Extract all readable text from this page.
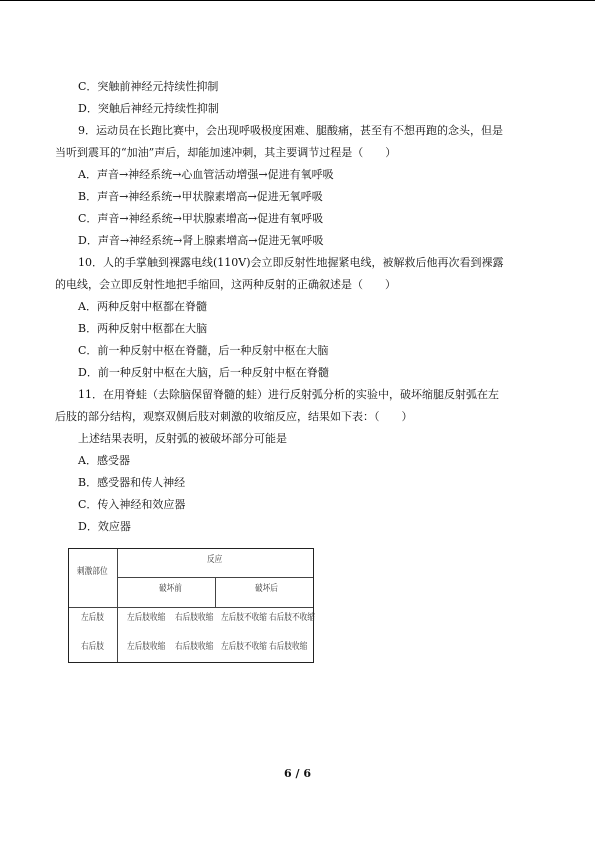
C．突触前神经元持续性抑制
D．突触后神经元持续性抑制
9．运动员在长跑比赛中，会出现呼吸极度困难、腿酸痛，甚至有不想再跑的念头，但是
当听到震耳的“加油”声后，却能加速冲刺，其主要调节过程是（　　）
A．声音→神经系统→心血管活动增强→促进有氧呼吸
B．声音→神经系统→甲状腺素增高→促进无氧呼吸
C．声音→神经系统→甲状腺素增高→促进有氧呼吸
D．声音→神经系统→肾上腺素增高→促进无氧呼吸
10．人的手掌触到裸露电线(110V)会立即反射性地握紧电线，被解救后他再次看到裸露
的电线，会立即反射性地把手缩回，这两种反射的正确叙述是（　　）
A．两种反射中枢都在脊髓
B．两种反射中枢都在大脑
C．前一种反射中枢在脊髓，后一种反射中枢在大脑
D．前一种反射中枢在大脑，后一种反射中枢在脊髓
11．在用脊蛙（去除脑保留脊髓的蛙）进行反射弧分析的实验中，破坏缩腿反射弧在左
后肢的部分结构，观察双侧后肢对刺激的收缩反应，结果如下表：（　　）
上述结果表明，反射弧的被破坏部分可能是
A．感受器
B．感受器和传人神经
C．传入神经和效应器
D．效应器
刺激部位
反应
破坏前	破坏后
左后肢	左后肢收缩 右后肢收缩 左后肢不收缩 右后肢不收缩
右后肢	左后肢收缩 右后肢收缩 左后肢不收缩 右后肢收缩
6 / 6
